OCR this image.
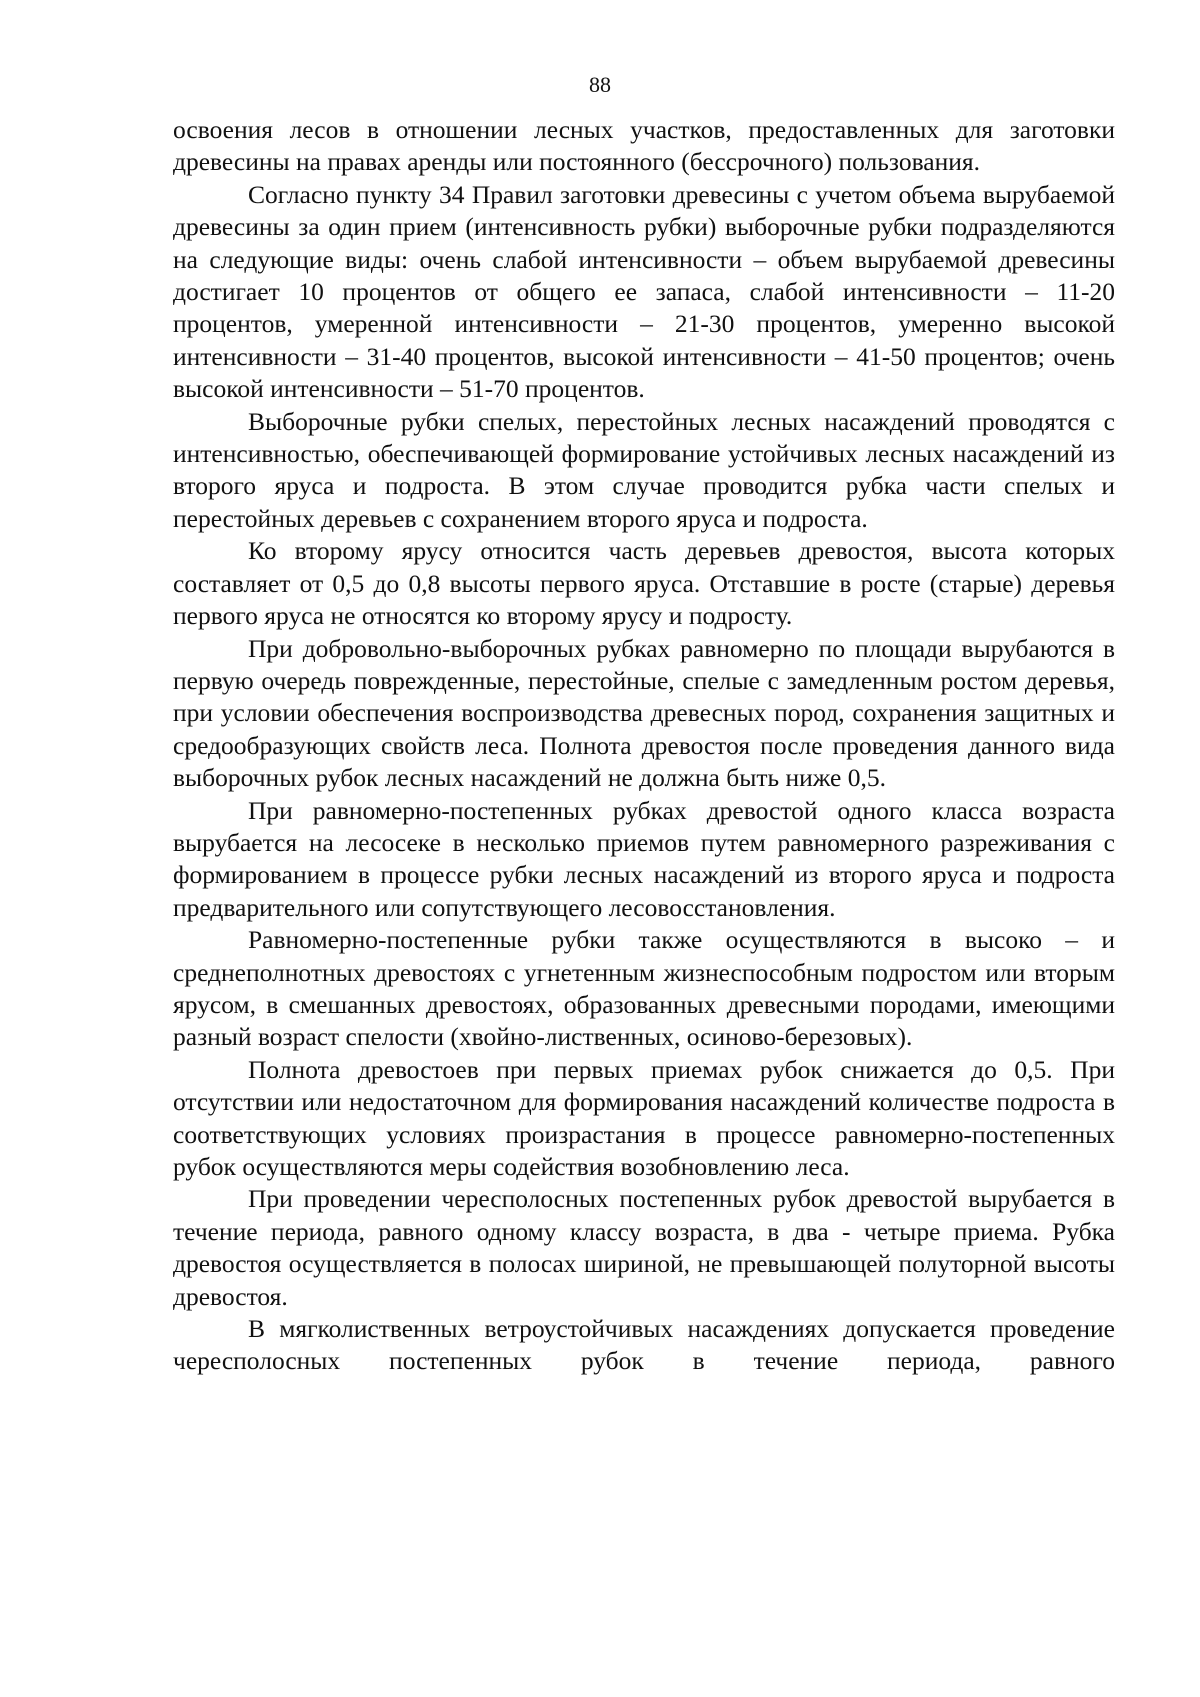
88

освоения лесов в отношении лесных участков, предоставленных для заготовки древесины на правах аренды или постоянного (бессрочного) пользования.

Согласно пункту 34 Правил заготовки древесины с учетом объема вырубаемой древесины за один прием (интенсивность рубки) выборочные рубки подразделяются на следующие виды: очень слабой интенсивности – объем вырубаемой древесины достигает 10 процентов от общего ее запаса, слабой интенсивности – 11-20 процентов, умеренной интенсивности – 21-30 процентов, умеренно высокой интенсивности – 31-40 процентов, высокой интенсивности – 41-50 процентов; очень высокой интенсивности – 51-70 процентов.

Выборочные рубки спелых, перестойных лесных насаждений проводятся с интенсивностью, обеспечивающей формирование устойчивых лесных насаждений из второго яруса и подроста. В этом случае проводится рубка части спелых и перестойных деревьев с сохранением второго яруса и подроста.

Ко второму ярусу относится часть деревьев древостоя, высота которых составляет от 0,5 до 0,8 высоты первого яруса. Отставшие в росте (старые) деревья первого яруса не относятся ко второму ярусу и подросту.

При добровольно-выборочных рубках равномерно по площади вырубаются в первую очередь поврежденные, перестойные, спелые с замедленным ростом деревья, при условии обеспечения воспроизводства древесных пород, сохранения защитных и средообразующих свойств леса. Полнота древостоя после проведения данного вида выборочных рубок лесных насаждений не должна быть ниже 0,5.

При равномерно-постепенных рубках древостой одного класса возраста вырубается на лесосеке в несколько приемов путем равномерного разреживания с формированием в процессе рубки лесных насаждений из второго яруса и подроста предварительного или сопутствующего лесовосстановления.

Равномерно-постепенные рубки также осуществляются в высоко – и среднеполнотных древостоях с угнетенным жизнеспособным подростом или вторым ярусом, в смешанных древостоях, образованных древесными породами, имеющими разный возраст спелости (хвойно-лиственных, осиново-березовых).

Полнота древостоев при первых приемах рубок снижается до 0,5. При отсутствии или недостаточном для формирования насаждений количестве подроста в соответствующих условиях произрастания в процессе равномерно-постепенных рубок осуществляются меры содействия возобновлению леса.

При проведении чересполосных постепенных рубок древостой вырубается в течение периода, равного одному классу возраста, в два - четыре приема. Рубка древостоя осуществляется в полосах шириной, не превышающей полуторной высоты древостоя.

В мягколиственных ветроустойчивых насаждениях допускается проведение чересполосных постепенных рубок в течение периода, равного
